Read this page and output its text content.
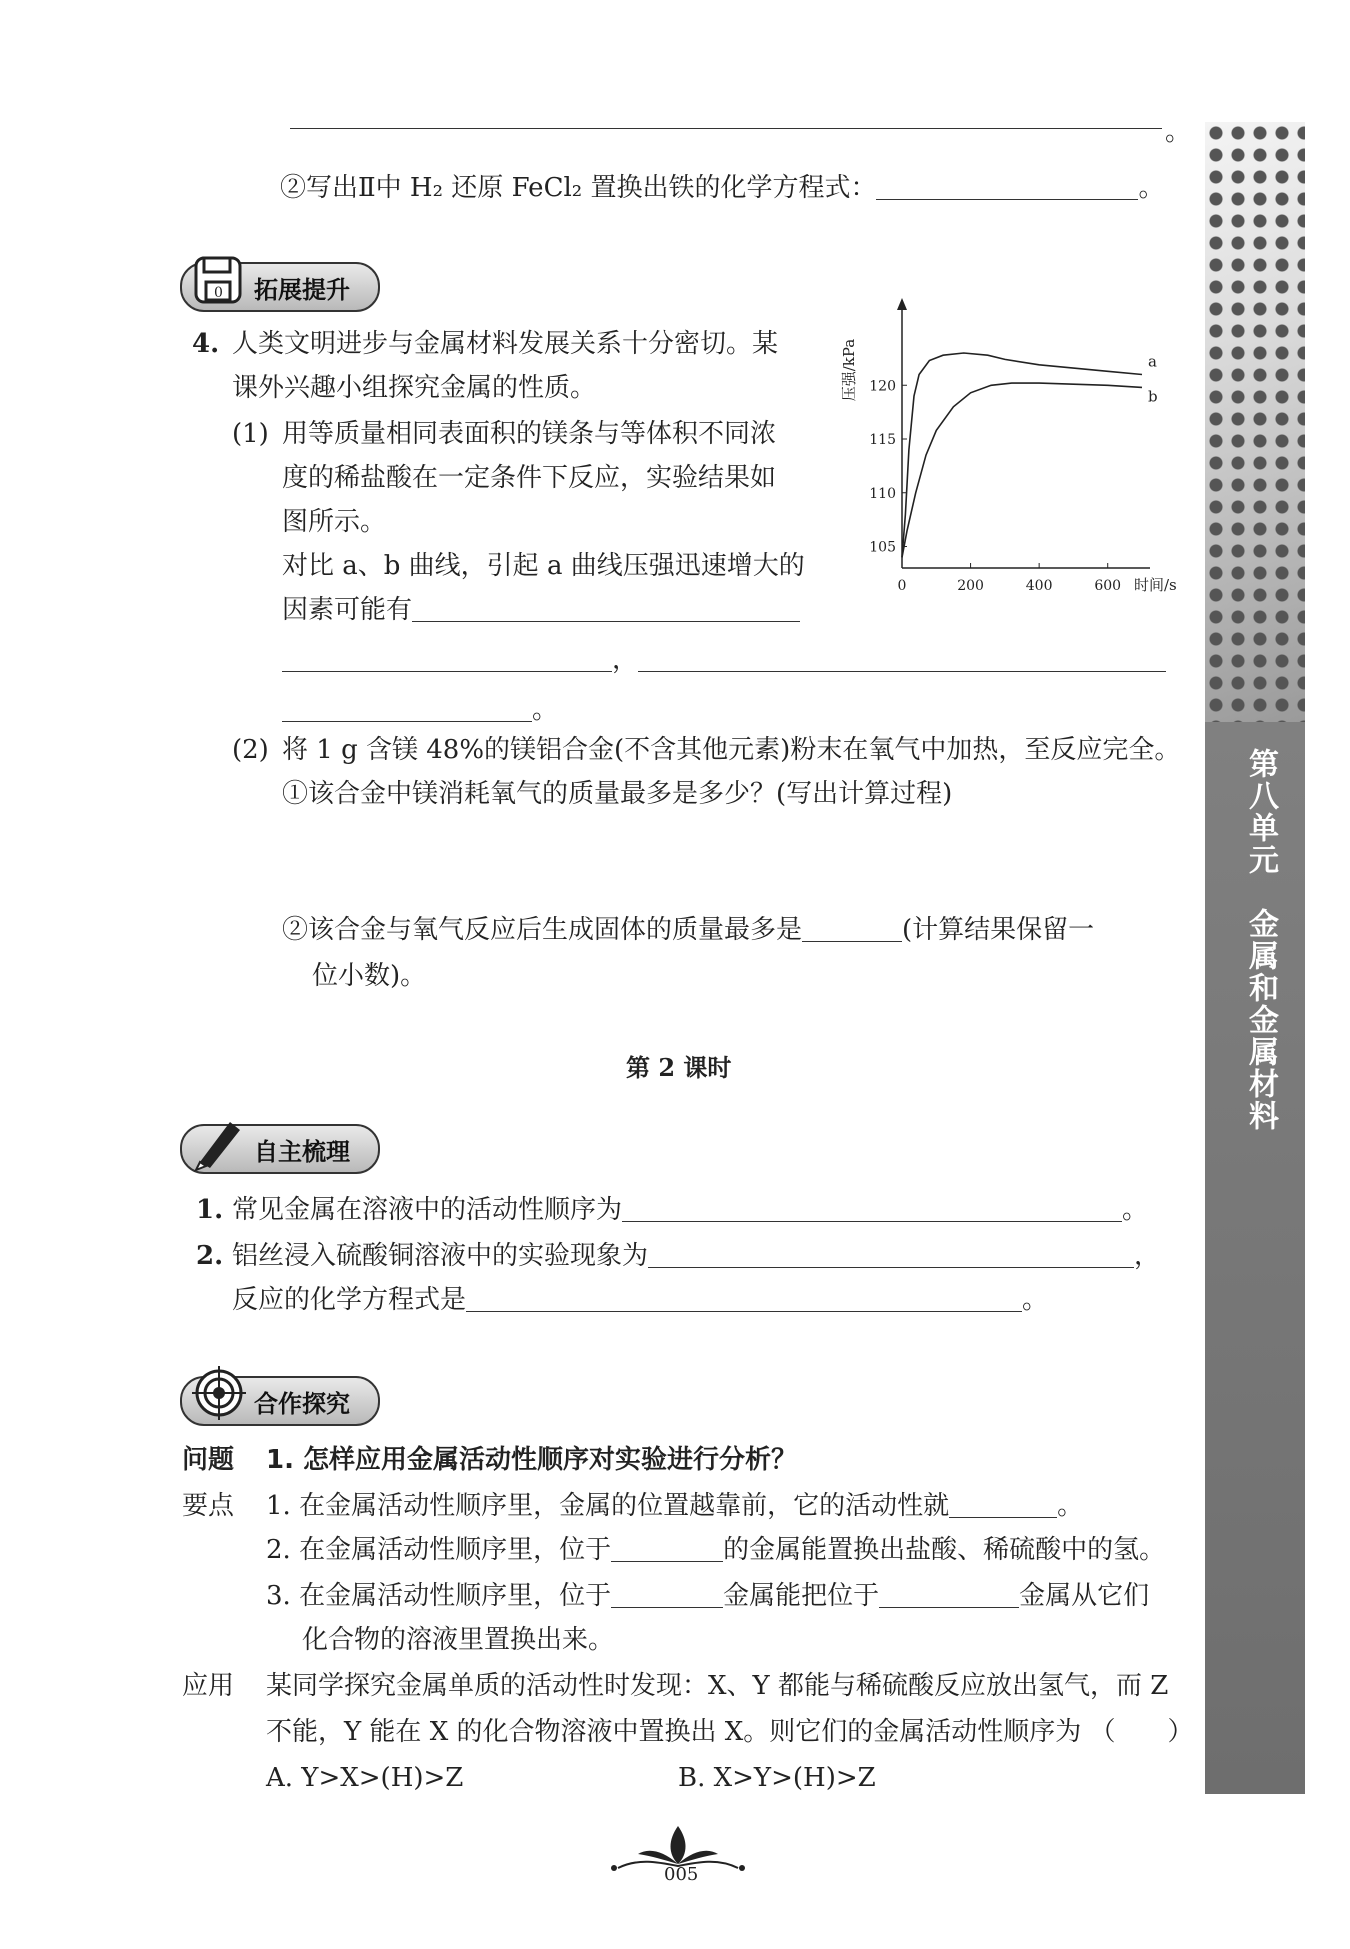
。
②写出Ⅱ中 H₂ 还原 FeCl₂ 置换出铁的化学方程式：	。
0 拓展提升
4. 人类文明进步与金属材料发展关系十分密切。某
课外兴趣小组探究金属的性质。
(1) 用等质量相同表面积的镁条与等体积不同浓
度的稀盐酸在一定条件下反应，实验结果如
图所示。
对比 a、b 曲线，引起 a 曲线压强迅速增大的
因素可能有
，
。
105
110
115
120
0	200	400	600 时间/s
压强/kPa	a
b
(2) 将 1 g 含镁 48%的镁铝合金(不含其他元素)粉末在氧气中加热，至反应完全。
①该合金中镁消耗氧气的质量最多是多少？(写出计算过程)
②该合金与氧气反应后生成固体的质量最多是	(计算结果保留一
位小数)。
第 2 课时
自主梳理
1. 常见金属在溶液中的活动性顺序为	。
2. 铝丝浸入硫酸铜溶液中的实验现象为	，
反应的化学方程式是	。
合作探究
问题 1. 怎样应用金属活动性顺序对实验进行分析？
要点 1. 在金属活动性顺序里，金属的位置越靠前，它的活动性就	。
2. 在金属活动性顺序里，位于	的金属能置换出盐酸、稀硫酸中的氢。
3. 在金属活动性顺序里，位于	金属能把位于	金属从它们
化合物的溶液里置换出来。
应用 某同学探究金属单质的活动性时发现：X、Y 都能与稀硫酸反应放出氢气，而 Z
不能，Y 能在 X 的化合物溶液中置换出 X。则它们的金属活动性顺序为 （　　）
A. Y>X>(H)>Z	B. X>Y>(H)>Z
第八单元　金属和金属材料
005
